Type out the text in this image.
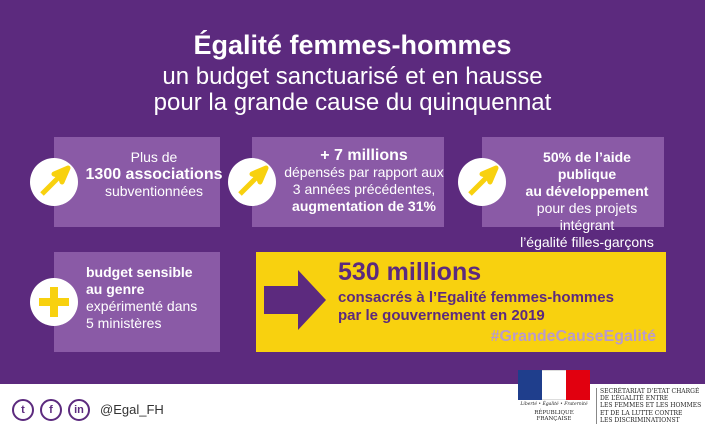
Égalité femmes-hommes
un budget sanctuarisé et en hausse
pour la grande cause du quinquennat
Plus de
1300 associations
subventionnées
+ 7 millions
dépensés par rapport aux
3 années précédentes,
augmentation de 31%
50% de l’aide publique
au développement
pour des projets intégrant
l’égalité filles-garçons
budget sensible
au genre
expérimenté dans
5 ministères
530 millions
consacrés à l’Egalité femmes-hommes
par le gouvernement en 2019
#GrandeCauseEgalité
t	f	in	@Egal_FH	Liberté • Égalité • Fraternité
RÉPUBLIQUE FRANÇAISE
SECRÉTARIAT D’ETAT CHARGÉ
DE L’ÉGALITÉ ENTRE
LES FEMMES ET LES HOMMES
ET DE LA LUTTE CONTRE
LES DISCRIMINATIONST
